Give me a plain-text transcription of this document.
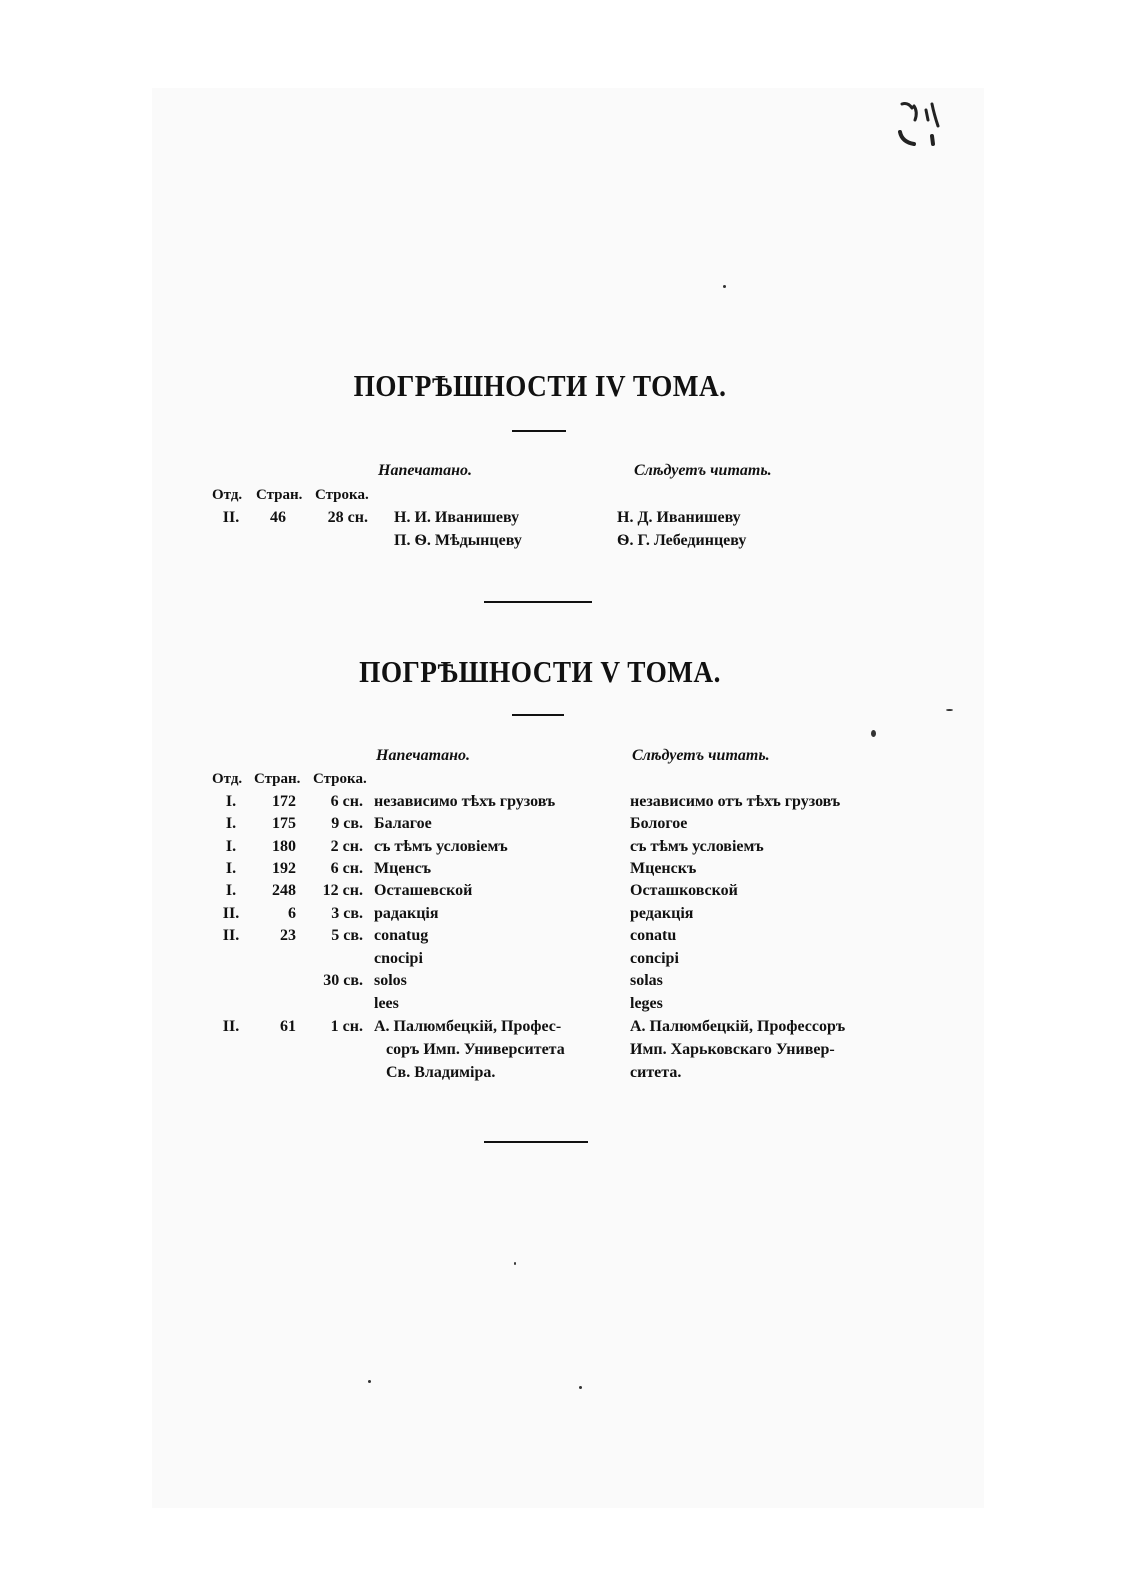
ПОГРѢШНОСТИ IV ТОМА.
Напечатано.	Слѣдуетъ читать.
Отд. Стран. Строка.
II.	46	28 сн. Н. И. Иванишеву	Н. Д. Иванишеву
П. Ѳ. Мѣдынцеву	Ѳ. Г. Лебединцеву
ПОГРѢШНОСТИ V ТОМА.
Напечатано.	Слѣдуетъ читать.
Отд. Стран. Строка.
I.	172	6 сн. независимо тѣхъ грузовъ	независимо отъ тѣхъ грузовъ
I.	175	9 св. Балагое	Бологое
I.	180	2 сн. съ тѣмъ условіемъ	съ тѣмъ условіемъ
I.	192	6 сн. Мценсъ	Мценскъ
I.	248	12 сн. Осташевской	Осташковской
II.	6	3 св. радакція	редакція
II.	23	5 св. conatug	conatu
cnocipi	concipi
30 св. solos	solas
lees	leges
II.	61	1 сн. А. Палюмбецкій, Профес-	А. Палюмбецкій, Профессоръ
соръ Имп. Университета	Имп. Харьковскаго Универ-
Св. Владиміра.	ситета.
